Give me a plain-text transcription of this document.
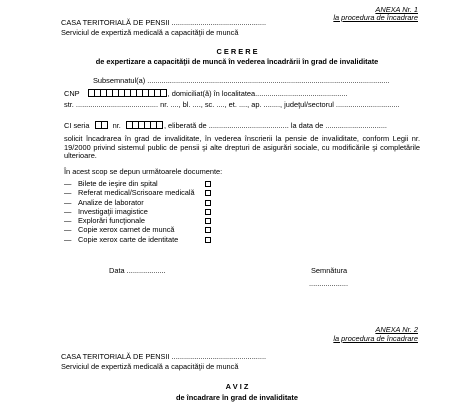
ANEXA Nr. 1
la procedura de încadrare
CASA TERITORIALĂ DE PENSII ..............................................
Serviciul de expertiză medicală a capacităţii de muncă
C E R E R E
de expertizare a capacităţii de muncă în vederea încadrării în grad de invaliditate
Subsemnatul(a) ......................................................................................................................
CNP	, domiciliat(ă) în localitatea.............................................
str. ........................................ nr. ...., bl. ...., sc. ...., et. ...., ap. ........, judeţul/sectorul ...............................
CI seria	nr.	, eliberată de ....................................... la data de ..............................
solicit încadrarea în grad de invaliditate, în vederea înscrierii la pensie de invaliditate, conform Legii nr. 19/2000 privind sistemul public de pensii şi alte drepturi de asigurări sociale, cu modificările şi completările ulterioare.
În acest scop se depun următoarele documente:
— Bilete de ieşire din spital
— Referat medical/Scrisoare medicală
— Analize de laborator
— Investigaţii imagistice
— Explorări funcţionale
— Copie xerox carnet de muncă
— Copie xerox carte de identitate
Data ...................	Semnătura
...................
ANEXA Nr. 2
la procedura de încadrare
CASA TERITORIALĂ DE PENSII ..............................................
Serviciul de expertiză medicală a capacităţii de muncă
A V I Z
de încadrare în grad de invaliditate
